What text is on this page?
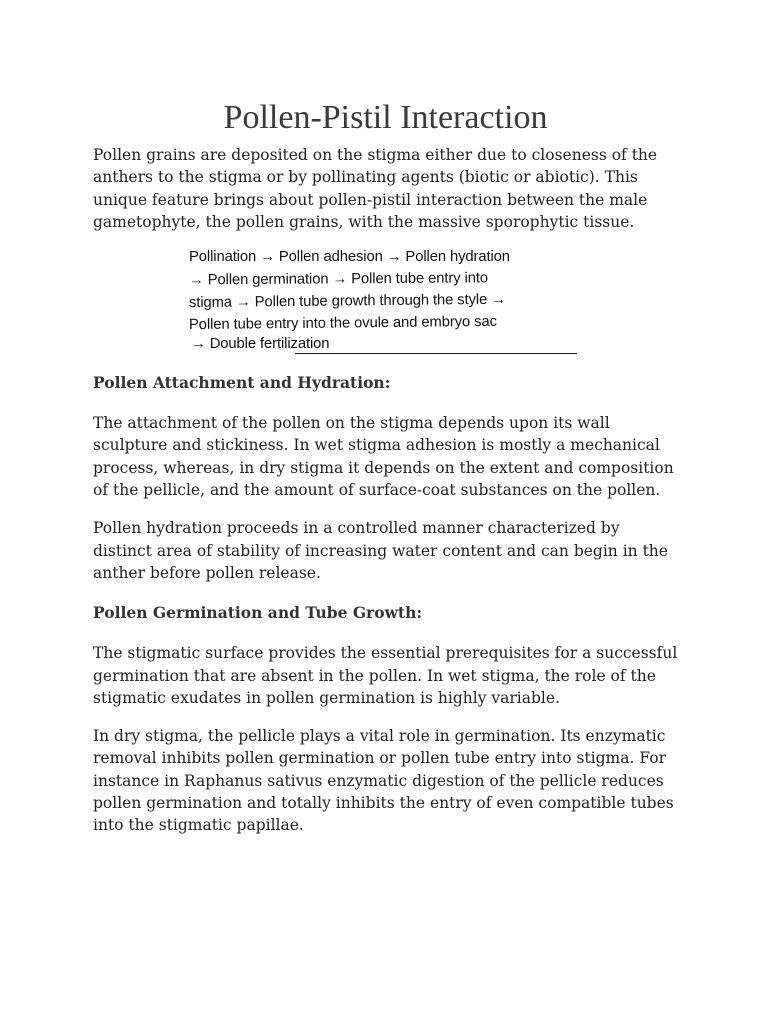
Pollen-Pistil Interaction

Pollen grains are deposited on the stigma either due to closeness of the anthers to the stigma or by pollinating agents (biotic or abiotic). This unique feature brings about pollen-pistil interaction between the male gametophyte, the pollen grains, with the massive sporophytic tissue.

Pollination → Pollen adhesion → Pollen hydration
→ Pollen germination → Pollen tube entry into
stigma → Pollen tube growth through the style →
Pollen tube entry into the ovule and embryo sac
→ Double fertilization
Pollen Attachment and Hydration:

The attachment of the pollen on the stigma depends upon its wall sculpture and stickiness. In wet stigma adhesion is mostly a mechanical process, whereas, in dry stigma it depends on the extent and composition of the pellicle, and the amount of surface-coat substances on the pollen.

Pollen hydration proceeds in a controlled manner characterized by distinct area of stability of increasing water content and can begin in the anther before pollen release.

Pollen Germination and Tube Growth:

The stigmatic surface provides the essential prerequisites for a successful germination that are absent in the pollen. In wet stigma, the role of the stigmatic exudates in pollen germination is highly variable.

In dry stigma, the pellicle plays a vital role in germination. Its enzymatic removal inhibits pollen germination or pollen tube entry into stigma. For instance in Raphanus sativus enzymatic digestion of the pellicle reduces pollen germination and totally inhibits the entry of even compatible tubes into the stigmatic papillae.
